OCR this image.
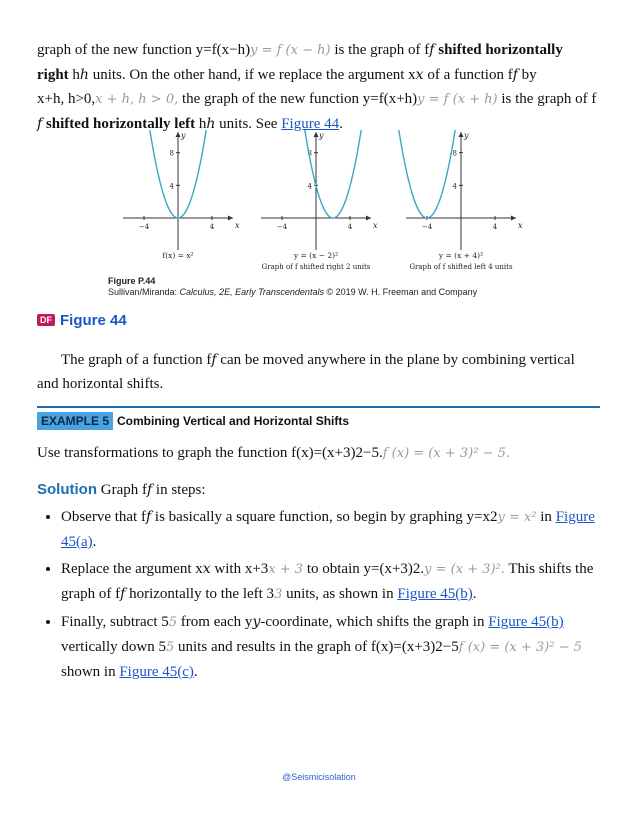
graph of the new function y=f(x−h)y = f (x − h) is the graph of ff shifted horizontally
right hh units. On the other hand, if we replace the argument xx of a function ff by
x+h, h>0,x + h, h > 0, the graph of the new function y=f(x+h)y = f (x + h) is the graph of f
f shifted horizontally left hh units. See Figure 44.
x
y
−4	4
8
4
f(x) = x²
x
y
−4	4
8
4
y = (x − 2)²
Graph of f shifted right 2 units
x
y
−4	4
8
4
y = (x + 4)²
Graph of f shifted left 4 units
Figure P.44
Sullivan/Miranda: Calculus, 2E, Early Transcendentals © 2019 W. H. Freeman and Company
DF Figure 44
The graph of a function ff can be moved anywhere in the plane by combining vertical and horizontal shifts.
EXAMPLE 5 Combining Vertical and Horizontal Shifts
Use transformations to graph the function f(x)=(x+3)2−5.f (x) = (x + 3)² − 5.
Solution Graph ff in steps:
• Observe that ff is basically a square function, so begin by graphing y=x2y = x² in Figure 45(a).
• Replace the argument xx with x+3x + 3 to obtain y=(x+3)2.y = (x + 3)². This shifts the graph of ff horizontally to the left 33 units, as shown in Figure 45(b).
• Finally, subtract 55 from each yy-coordinate, which shifts the graph in Figure 45(b) vertically down 55 units and results in the graph of f(x)=(x+3)2−5f (x) = (x + 3)² − 5 shown in Figure 45(c).
@Seismicisolation
